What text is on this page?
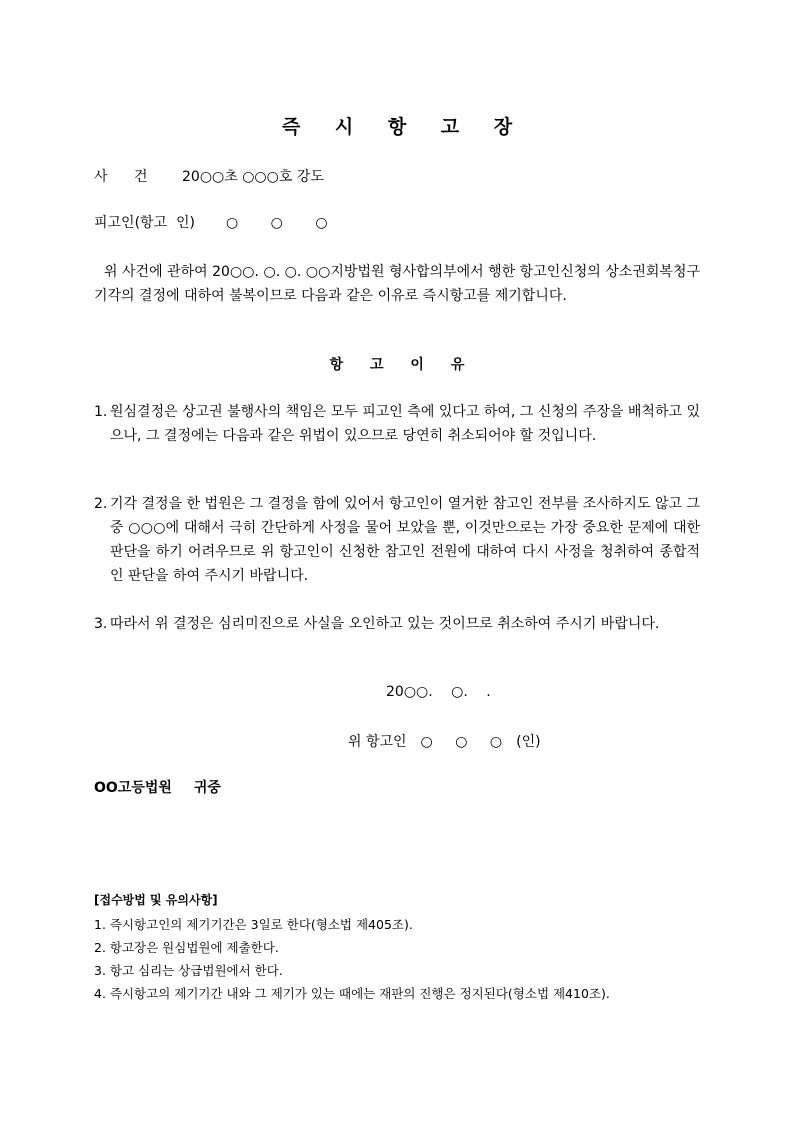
즉 시 항 고 장
사 건	20○○초 ○○○호 강도
피고인(항고  인) ○ ○ ○
위 사건에 관하여 20○○. ○. ○. ○○지방법원 형사합의부에서 행한 항고인신청의 상소권회복청구기각의 결정에 대하여 불복이므로 다음과 같은 이유로 즉시항고를 제기합니다.
항 고 이 유
1. 원심결정은 상고권 불행사의 책임은 모두 피고인 측에 있다고 하여, 그 신청의 주장을 배척하고 있으나, 그 결정에는 다음과 같은 위법이 있으므로 당연히 취소되어야 할 것입니다.
2. 기각 결정을 한 법원은 그 결정을 함에 있어서 항고인이 열거한 참고인 전부를 조사하지도 않고 그 중 ○○○에 대해서 극히 간단하게 사정을 물어 보았을 뿐, 이것만으로는 가장 중요한 문제에 대한 판단을 하기 어려우므로 위 항고인이 신청한 참고인 전원에 대하여 다시 사정을 청취하여 종합적인 판단을 하여 주시기 바랍니다.
3. 따라서 위 결정은 심리미진으로 사실을 오인하고 있는 것이므로 취소하여 주시기 바랍니다.
20○○. ○. .
위 항고인 ○ ○ ○ (인)
OO고등법원 귀중
[접수방법 및 유의사항]
1. 즉시항고인의 제기기간은 3일로 한다(형소법 제405조).
2. 항고장은 원심법원에 제출한다.
3. 항고 심리는 상급법원에서 한다.
4. 즉시항고의 제기기간 내와 그 제기가 있는 때에는 재판의 진행은 정지된다(형소법 제410조).
